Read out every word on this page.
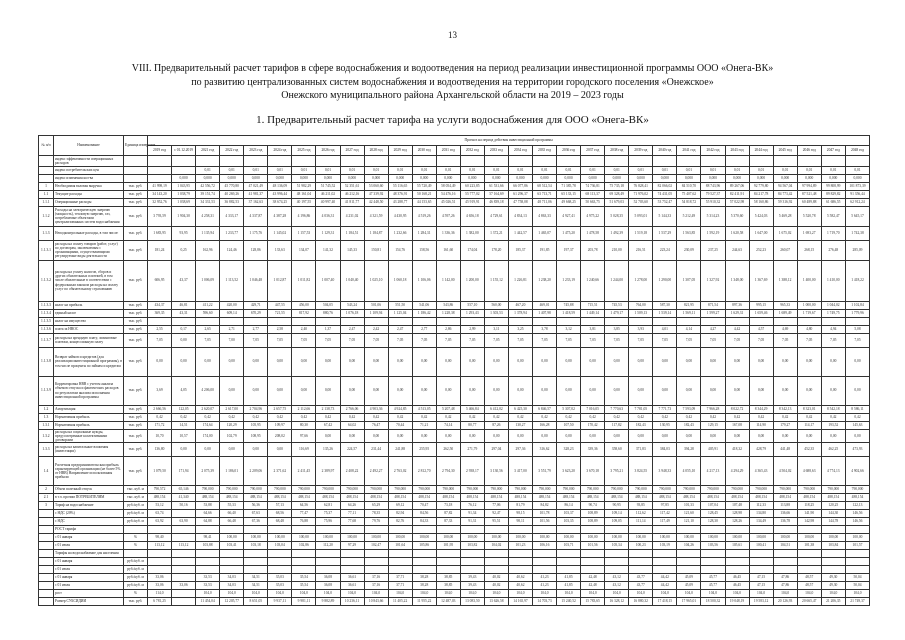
13
VIII. Предварительный расчет тарифов в сфере водоснабжения и водоотведения на период реализации инвестиционной программы ООО «Онега-ВК»
по развитию централизованных систем водоснабжения и водоотведения на территории городского поселения «Онежское»
Онежского муниципального района Архангельской области на 2019 – 2023 годы
1. Предварительный расчет тарифа на услуги водоснабжения для ООО «Онега-ВК»
№ п/п	Наименование	Единица измерения	Прогноз на период действия инвестиционной программы																													
			2019 год	с 01.12.2019	2021 год	2022 год	2023 год	2024 год	2025 год	2026 год	2027 год	2028 год	2029 год	2030 год	2031 год	2032 год	2033 год	2034 год	2035 год	2036 год	2037 год	2038 год	2039 год	2040 год	2041 год	2042 год	2043 год	2044 год	2045 год	2046 год	2047 год	2048 год
	индекс эффективности операционных расходов																															
	индекс потребительских цен				0,01	0,01	0,01	0,01	0,01	0,01	0,01	0,01	0,01	0,01	0,01	0,01	0,01	0,01	0,01	0,01	0,01	0,01	0,01	0,01	0,01	0,01	0,01	0,01	0,01	0,01	0,01	0,01
	индекс изменения кол-ва			0,000	0,000	0,000	0,000	0,000	0,000	0,000	0,000	0,000	0,000	0,000	0,000	0,000	0,000	0,000	0,000	0,000	0,000	0,000	0,000	0,000	0,000	0,000	0,000	0,000	0,000	0,000	0,000	0,000
1	Необходимая валовая выручка	тыс. руб.	41 998,19	1 043,95	42 556,72	45 770,80	47 021,49	48 136,09	51 982,29	51 745,52	52 351,61	53 060,60	55 116,65	55 720,49	58 054,49	60 223,85	61 531,66	66 077,86	68 512,54	71 385,78	74 736,81	75 735,18	76 828,41	82 066,02	84 510,70	88 743,96	89 267,06	92 779,80	94 567,04	97 994,89	99 808,99	101 873,39
1.1	Текущие расходы	тыс. руб.	34 143,20	1 038,79	39 151,74	40 269,26	41 981,37	43 996,44	48 161,04	46 211,02	46 212,16	47 339,92	48 376,91	50 168,21	54 476,16	55 777,02	57 164,69	61 296,37	63 713,71	65 133,15	68 113,37	69 328,49	71 976,02	74 431,05	75 407,62	79 527,37	82 411,91	84 217,78	84 773,42	87 521,48	89 829,82	91 356,44
1.1.1	Операционные расходы	тыс. руб.	32 952,76	1 038,69	34 331,53	36 882,53	37 162,63	38 674,25	40 197,55	40 997,40	41 811,77	42 448,50	43 288,77	44 153,65	45 026,51	45 919,91	46 839,18	47 758,08	48 711,06	49 668,25	50 663,75	51 679,03	52 703,60	53 752,47	54 818,72	55 910,32	57 022,98	58 160,86	59 316,92	60 489,88	61 686,55	62 912,24
1.1.2	Расходы на электрическую энергию (мощность), тепловую энергию, газ, потребляемые объектами централизованных систем водоснабжения	тыс. руб.	3 793,59	1 904,30	4 258,31	4 333,17	4 337,87	4 387,28	4 196,86	4 036,31	4 231,02	4 321,59	4 430,95	4 519,26	4 597,26	4 656,18	4 729,61	4 834,13	4 863,33	4 927,41	4 975,22	5 028,35	5 093,01	5 144,33	5 212,49	5 314,23	5 370,60	5 424,03	5 469,28	5 520,78	5 582,47	5 645,17
1.1.3	Неподконтрольные расходы, в том числе:	тыс. руб.	1 683,95	93,95	1 135,94	1 233,77	1 175,76	1 145,02	1 157,53	1 129,31	1 184,51	1 184,87	1 232,66	1 284,31	1 336,36	1 382,00	1 372,21	1 442,57	1 465,07	1 475,20	1 478,58	1 492,39	1 519,18	1 537,29	1 563,85	1 592,19	1 620,58	1 647,00	1 675,02	1 693,27	1 719,70	1 742,38
1.1.3.1	расходы на оплату товаров (работ, услуг) по договорам, заключаемым с организациями, осуществляющими регулируемые виды деятельности	тыс. руб.	181,24	0,25	162,96	124,46	128,86	133,63	134,07	141,32	145,33	150,81	154,76	158,56	161,60	174,04	178,20	185,37	191,85	197,37	203,78	210,00	216,51	223,24	230,09	237,25	244,63	252,23	260,07	268,15	276,48	285,09
1.1.3.2	расходы на уплату налогов, сборов и других обязательных платежей, в том числе обязательные в соответствии с федеральным законом расходы на оплату услуг по обязательному страхованию	тыс. руб.	606,95	43,37	1 006,09	1 113,52	1 046,48	1 012,87	1 011,82	1 007,40	1 040,40	1 025,10	1 060,18	1 106,06	1 142,00	1 200,00	1 155,12	1 226,81	1 238,20	1 233,19	1 240,66	1 244,00	1 278,00	1 290,00	1 307,05	1 327,92	1 348,00	1 367,69	1 388,12	1 400,00	1 410,00	1 418,22
1.1.3.3	налог на прибыль	тыс. руб.	434,37	46,81	411,22	420,00	429,71	447,55	456,00	504,05	543,24	501,06	551,50	541,06	543,86	557,10	560,00	467,20	469,01	745,88	715,51	745,53	764,00	587,30	821,95	871,54	897,36	995,15	965,33	1 000,00	1 044,02	1 102,84
1.1.3.4	единый налог	тыс. руб.	369,35	43,31	596,60	609,14	670,29	721,55	817,92	880,76	1 076,18	1 109,94	1 125,04	1 186,42	1 228,38	1 293,43	1 303,53	1 378,94	1 407,98	1 418,59	1 449,14	1 479,17	1 509,13	1 539,14	1 569,11	1 599,27	1 629,31	1 659,46	1 689,49	1 719,67	1 749,75	1 779,96
1.1.3.5	налог на имущество	тыс. руб.																														
1.1.3.6	плата за НВОС	тыс. руб.	2,55	0,17	2,65	2,71	2,77	2,58	2,40	1,37	2,47	2,42	2,47	2,77	2,86	2,99	3,11	3,25	3,78	3,12	3,81	3,85	3,93	4,01	4,14	4,27	4,42	4,57	4,69	4,80	4,94	5,08
1.1.3.7	расходы на арендную плату, лизинговые платежи, концессионную плату	тыс. руб.	7,05	0,00	7,05	7,00	7,05	7,05	7,05	7,05	7,05	7,05	7,05	7,05	7,05	7,05	7,05	7,05	7,05	7,05	7,05	7,05	7,05	7,05	7,05	7,05	7,05	7,05	7,05	7,05	7,05	7,05
1.1.3.8	Возврат займов и кредитов (для реализации инвестиционной программы), в том числе проценты по займам и кредитам	тыс. руб.	0,00	0,00	0,00	0,00	0,00	0,00	0,00	0,00	0,00	0,00	0,00	0,00	0,00	0,00	0,00	0,00	0,00	0,00	0,00	0,00	0,00	0,00	0,00	0,00	0,00	0,00	0,00	0,00	0,00	0,00
1.1.3.9	Корректировка НВВ с учетом анализа объемов отпуска и фактических расходов по результатам анализа исполнения инвестиционной программы	тыс. руб.	3,69	4,05	4 206,00	0,00	0,00	0,00	0,00	0,00	0,00	0,00	0,00	0,00	0,00	0,00	0,00	0,00	0,00	0,00	0,00	0,00	0,00	0,00	0,00	0,00	0,00	0,00	0,00	0,00	0,00	0,00
1.2	Амортизация	тыс. руб.	2 666,56	122,05	2 620,07	2 617,00	2 704,96	2 657,75	2 112,66	2 138,73	2 766,06	4 903,36	4 924,85	4 513,05	5 207,48	5 466,84	6 412,02	6 425,30	6 846,57	5 307,02	7 016,05	7 770,63	7 781,05	7 771,73	7 593,09	7 966,28	8 022,72	8 344,29	8 342,13	8 323,01	8 542,18	8 586,11
1.3	Нормативная прибыль	тыс. руб.	0,42	0,42	0,42	0,42	0,42	0,42	0,42	0,42	0,42	0,42	0,42	0,42	0,42	0,42	0,42	0,42	0,42	0,42	0,42	0,42	0,42	0,42	0,42	0,42	0,42	0,42	0,42	0,42	0,42	0,42
1.3.1	Нормативная прибыль	тыс. руб.	171,72	14,51	174,64	120,29	105,95	109,97	80,30	67,42	64,02	76,47	70,44	71,21	74,14	80,77	87,26	130,27	166,28	107,50	170,42	117,82	182,43	130,95	182,43	129,15	167,08	114,90	179,27	114,17	193,52	145,63
1.3.2	расходы на социальные нужды, предусмотренные коллективными договорами	тыс. руб.	10,70	10,57	174,00	102,79	108,95	208,02	97,66	0,00	0,00	0,00	0,00	0,00	0,00	0,00	0,00	0,00	0,00	0,00	0,00	0,00	0,00	0,00	0,00	0,00	0,00	0,00	0,00	0,00	0,00	0,00
1.3.3	расходы на капитальные вложения (инвестиции)	тыс. руб.	136,80	0,00	0,00	0,00	0,00	0,00	116,69	135,26	224,57	231,44	241,88	255,95	262,50	271,79	297,04	297,36	316,62	328,23	339,36	358,60	371,83	384,03	394,28	405,91	418,32	428,79	441,48	452,35	462,25	473,93
1.4	Расчетная предпринимательская прибыль гарантирующей организации (не более 5% от НВВ) Направление использования прибыли	тыс. руб.	1 079,50	171,94	2 075,39	1 186,01	2 209,06	2 371,62	2 411,45	2 389,97	2 408,22	2 492,27	2 763,02	2 812,70	2 794,30	2 938,17	3 130,56	3 417,00	3 551,79	3 623,20	3 670,18	3 795,21	3 824,55	3 948,33	4 055,10	4 217,13	4 294,29	4 365,43	4 504,02	4 688,63	4 774,13	4 902,66
2	Объем полезный отпуск	тыс. куб. м	790,572	65,146	790,000	790,000	790,000	790,000	790,000	790,000	790,000	790,000	790,000	790,000	790,000	790,000	790,000	790,000	790,000	790,000	790,000	790,000	790,000	790,000	790,000	790,000	790,000	790,000	790,000	790,000	790,000	790,000
2.1	в т.ч. прочим ПОТРЕБИТЕЛЯМ	тыс. куб. м	488,154	41,340	488,154	488,154	488,154	488,154	488,154	488,154	488,154	488,154	488,154	488,154	488,154	488,154	488,154	488,154	488,154	488,154	488,154	488,154	488,154	488,154	488,154	488,154	488,154	488,154	488,154	488,154	488,154	488,154
3	Тариф на водоснабжение	руб./куб. м	53,12	50,16	53,88	55,33	56,36	57,13	64,56	62,81	64,26	65,29	69,12	70,47	73,18	76,12	77,06	81,79	84,82	86,14	90,74	90,95	93,85	97,85	101,33	107,04	107,48	112,33	113,88	118,25	120,25	122,13
	с НДС (20%)	руб./куб. м	63,74		64,66	66,40	67,63	68,56	77,47	75,37	77,11	78,35	82,94	84,56	87,82	91,34	92,47	98,15	101,78	103,37	108,89	109,14	112,62	117,42	121,60	128,45	128,98	134,80	136,66	141,90	144,30	146,56
	с НДС	руб./куб. м	63,92	63,90	64,88	66,48	67,36	68,48	76,88	75,96	77,68	79,76	82,76	84,33	87,33	91,31	95,51	98,11	101,56	103,35	108,89	109,05	111,14	117,49	121,10	128,30	128,26	134,49	136,78	142,98	144,78	146,56
	РОСТ тарифа																															
	с 01 января	%	98,40		98,41	100,00	100,00	100,00	100,00	100,00	100,00	100,00	100,00	100,00	100,00	100,00	100,00	100,00	100,00	100,00	100,00	100,00	100,00	100,00	100,00	100,00	100,00	100,00	100,00	100,00	100,00	100,00
	с 01 июля	%	113,12	113,12	103,88	103,41	103,18	103,04	102,86	112,20	97,29	102,47	101,64	105,86	101,95	103,82	104,02	101,23	106,16	103,71	101,56	105,34	100,23	103,19	104,26	103,56	105,61	100,41	104,51	101,38	103,84	101,57
	Тарифы на водоснабжение для населения																															
	с 01 января	руб./куб. м																														
	с 01 июля	руб./куб. м																														
	с 01 января	руб./куб. м	33,06		33,53	34,03	34,51	35,03	35,54	36,08	36,61	37,16	37,71	38,28	38,85	39,43	40,02	40,62	41,23	41,85	42,48	43,12	43,77	44,42	45,09	45,77	46,45	47,15	47,86	48,57	49,30	50,04
	с 01 июля	руб./куб. м	33,06	33,06	33,53	34,03	34,51	35,03	35,54	36,08	36,61	37,16	37,71	38,28	38,85	39,43	40,02	40,62	41,23	41,85	42,48	43,12	43,77	44,42	45,09	45,77	46,45	47,15	47,86	48,57	49,30	50,04
	рост	%	114,0		104,0	104,0	104,0	104,0	104,0	104,0	104,0	104,0	104,0	104,0	104,0	104,0	104,0	104,0	104,0	104,0	104,0	104,0	104,0	104,0	104,0	104,0	104,0	104,0	104,0	104,0	104,0	104,0
	Размер СУБСИДИИ	тыс. руб.	6 781,25		11 454,04	12 205,77	8 651,05	9 937,11	9 981,11	9 882,89	10 236,11	10 843,66	11 405,22	11 955,22	12 487,03	13 083,50	13 626,58	14 165,97	14 703,73	15 240,52	15 783,65	16 328,12	16 880,32	17 418,15	17 965,01	18 500,32	19 048,19	19 583,12	20 126,93	20 665,47	21 206,35	21 749,37
